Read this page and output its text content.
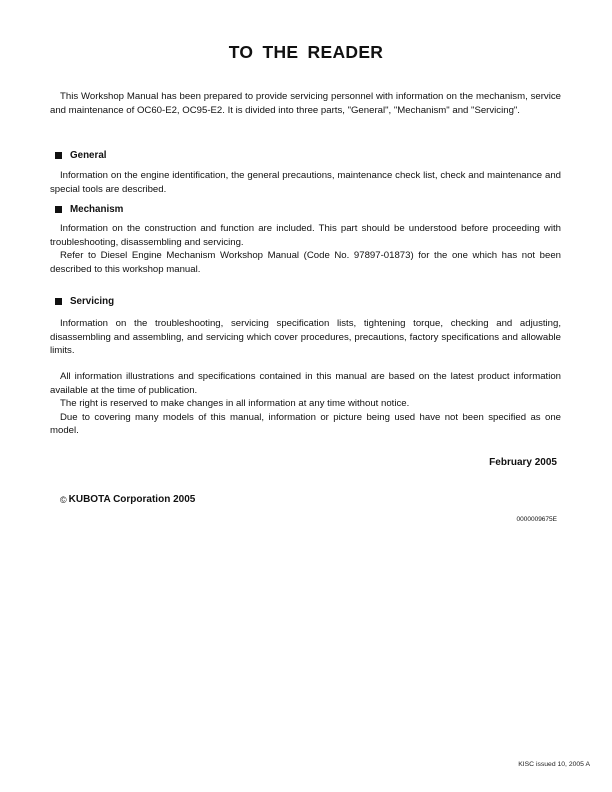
TO THE READER

This Workshop Manual has been prepared to provide servicing personnel with information on the mechanism, service and maintenance of OC60-E2, OC95-E2. It is divided into three parts, "General", "Mechanism" and "Servicing".

General

Information on the engine identification, the general precautions, maintenance check list, check and maintenance and special tools are described.

Mechanism

Information on the construction and function are included. This part should be understood before proceeding with troubleshooting, disassembling and servicing.

Refer to Diesel Engine Mechanism Workshop Manual (Code No. 97897-01873) for the one which has not been described to this workshop manual.

Servicing

Information on the troubleshooting, servicing specification lists, tightening torque, checking and adjusting, disassembling and assembling, and servicing which cover procedures, precautions, factory specifications and allowable limits.

All information illustrations and specifications contained in this manual are based on the latest product information available at the time of publication.

The right is reserved to make changes in all information at any time without notice.

Due to covering many models of this manual, information or picture being used have not been specified as one model.

February 2005
© KUBOTA Corporation 2005
0000009675E
KISC issued 10, 2005 A
